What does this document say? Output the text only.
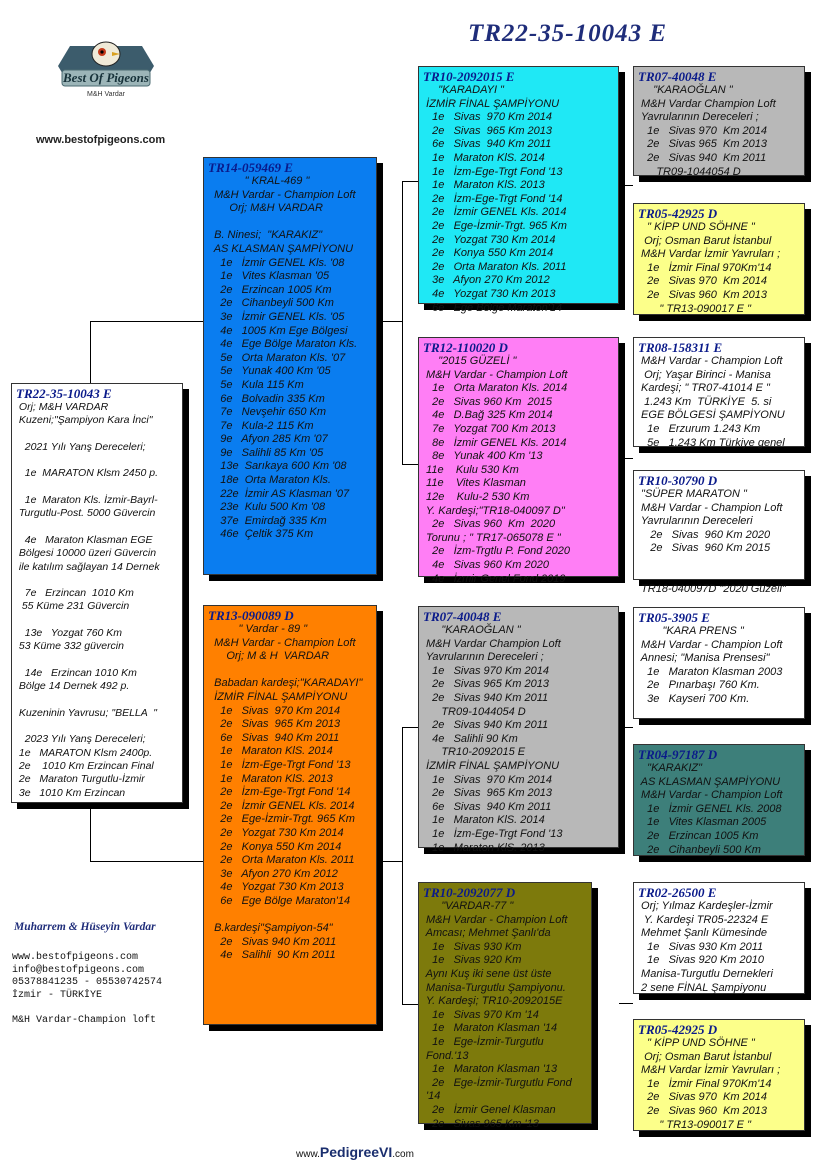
TR22-35-10043 E
Best Of Pigeons
M&H Vardar
www.bestofpigeons.com
TR22-35-10043 E
Orj; M&H VARDAR
Kuzeni;"Şampiyon Kara İnci"

2021 Yılı Yanş Dereceleri;

1e  MARATON Klsm 2450 p.

1e  Maraton Kls. İzmir-Bayrl-
Turgutlu-Post. 5000 Güvercin

4e   Maraton Klasman EGE
Bölgesi 10000 üzeri Güvercin
ile katılım sağlayan 14 Dernek

7e   Erzincan  1010 Km
55 Küme 231 Güvercin

13e   Yozgat 760 Km
53 Küme 332 güvercin

14e   Erzincan 1010 Km
Bölge 14 Dernek 492 p.

Kuzeninin Yavrusu; "BELLA  "

2023 Yılı Yanş Dereceleri;
1e   MARATON Klsm 2400p.
2e    1010 Km Erzincan Final
2e   Maraton Turgutlu-İzmir
3e   1010 Km Erzincan
TR14-059469 E
" KRAL-469 "
M&H Vardar - Champion Loft
Orj; M&H VARDAR

B. Ninesi;  "KARAKIZ"
AS KLASMAN ŞAMPİYONU
1e   İzmir GENEL Kls. '08
1e   Vites Klasman '05
2e   Erzincan 1005 Km
2e   Cihanbeyli 500 Km
3e   İzmir GENEL Kls. '05
4e   1005 Km Ege Bölgesi
4e   Ege Bölge Maraton Kls.
5e   Orta Maraton Kls. '07
5e   Yunak 400 Km '05
5e   Kula 115 Km
6e   Bolvadin 335 Km
7e   Nevşehir 650 Km
7e   Kula-2 115 Km
9e   Afyon 285 Km '07
9e   Salihli 85 Km '05
13e  Sarıkaya 600 Km '08
18e  Orta Maraton Kls.
22e  İzmir AS Klasman '07
23e  Kulu 500 Km '08
37e  Emirdağ 335 Km
46e  Çeltik 375 Km
TR13-090089 D
" Vardar - 89 "
M&H Vardar - Champion Loft
Orj; M & H  VARDAR

Babadan kardeşi;"KARADAYI"
İZMİR FİNAL ŞAMPİYONU
1e   Sivas  970 Km 2014
2e   Sivas  965 Km 2013
6e   Sivas  940 Km 2011
1e   Maraton KlS. 2014
1e   İzm-Ege-Trgt Fond '13
1e   Maraton KlS. 2013
2e   İzm-Ege-Trgt Fond '14
2e   İzmir GENEL Kls. 2014
2e   Ege-İzmir-Trgt. 965 Km
2e   Yozgat 730 Km 2014
2e   Konya 550 Km 2014
2e   Orta Maraton Kls. 2011
3e   Afyon 270 Km 2012
4e   Yozgat 730 Km 2013
6e   Ege Bölge Maraton'14

B.kardeşi"Şampiyon-54"
2e   Sivas 940 Km 2011
4e   Salihli  90 Km 2011
TR10-2092015 E
"KARADAYI "
İZMİR FİNAL ŞAMPİYONU
1e   Sivas  970 Km 2014
2e   Sivas  965 Km 2013
6e   Sivas  940 Km 2011
1e   Maraton KlS. 2014
1e   İzm-Ege-Trgt Fond '13
1e   Maraton KlS. 2013
2e   İzm-Ege-Trgt Fond '14
2e   İzmir GENEL Kls. 2014
2e   Ege-İzmir-Trgt. 965 Km
2e   Yozgat 730 Km 2014
2e   Konya 550 Km 2014
2e   Orta Maraton Kls. 2011
3e   Afyon 270 Km 2012
4e   Yozgat 730 Km 2013
6e   Ege Bölge Maraton'14
TR12-110020 D
"2015 GÜZELİ "
M&H Vardar - Champion Loft
1e   Orta Maraton Kls. 2014
2e   Sivas 960 Km  2015
4e   D.Bağ 325 Km 2014
7e   Yozgat 700 Km 2013
8e   İzmir GENEL Kls. 2014
8e   Yunak 400 Km '13
11e    Kulu 530 Km
11e    Vites Klasman
12e    Kulu-2 530 Km
Y. Kardeşi;"TR18-040097 D"
2e   Sivas 960  Km  2020
Torunu ; " TR17-065078 E "
2e   İzm-Trgtlu P. Fond 2020
4e   Sivas 960 Km 2020
4e   İzmir Genel Fond 2019
TR07-40048 E
"KARAOĞLAN "
M&H Vardar Champion Loft
Yavrularının Dereceleri ;
1e   Sivas 970 Km 2014
2e   Sivas 965 Km 2013
2e   Sivas 940 Km 2011
TR09-1044054 D
2e   Sivas 940 Km 2011
4e   Salihli 90 Km
TR10-2092015 E
İZMİR FİNAL ŞAMPİYONU
1e   Sivas  970 Km 2014
2e   Sivas  965 Km 2013
6e   Sivas  940 Km 2011
1e   Maraton KlS. 2014
1e   İzm-Ege-Trgt Fond '13
1e   Maraton KlS. 2013
TR10-2092077 D
"VARDAR-77 "
M&H Vardar - Champion Loft
Amcası; Mehmet Şanlı'da
1e   Sivas 930 Km
1e   Sivas 920 Km
Aynı Kuş iki sene üst üste
Manisa-Turgutlu Şampiyonu.
Y. Kardeşi; TR10-2092015E
1e   Sivas 970 Km '14
1e   Maraton Klasman '14
1e   Ege-İzmir-Turgutlu
Fond.'13
1e   Maraton Klasman '13
2e   Ege-İzmir-Turgutlu Fond
'14
2e   İzmir Genel Klasman
2e   Sivas 965 Km '13
TR07-40048 E
"KARAOĞLAN "
M&H Vardar Champion Loft
Yavrularının Dereceleri ;
1e   Sivas 970  Km 2014
2e   Sivas 965  Km 2013
2e   Sivas 940  Km 2011
TR09-1044054 D
TR05-42925 D
" KİPP UND SÖHNE "
Orj; Osman Barut İstanbul
M&H Vardar İzmir Yavruları ;
1e   İzmir Final 970Km'14
2e   Sivas 970  Km 2014
2e   Sivas 960  Km 2013
" TR13-090017 E "
TR08-158311 E
M&H Vardar - Champion Loft
Orj; Yaşar Birinci - Manisa
Kardeşi; " TR07-41014 E "
1.243 Km  TÜRKİYE  5. si
EGE BÖLGESİ ŞAMPİYONU
1e   Erzurum 1.243 Km
5e   1.243 Km Türkiye genel
TR10-30790 D
"SÜPER MARATON "
M&H Vardar - Champion Loft
Yavrularının Dereceleri
2e   Sivas  960 Km 2020
2e   Sivas  960 Km 2015

TR18-040097D "2020 Güzeli"
TR05-3905 E
"KARA PRENS "
M&H Vardar - Champion Loft
Annesi; "Manisa Prensesi"
1e   Maraton Klasman 2003
2e   Pınarbaşı 760 Km.
3e   Kayseri 700 Km.
TR04-97187 D
"KARAKIZ"
AS KLASMAN ŞAMPİYONU
M&H Vardar - Champion Loft
1e   İzmir GENEL Kls. 2008
1e   Vites Klasman 2005
2e   Erzincan 1005 Km
2e   Cihanbeyli 500 Km
TR02-26500 E
Orj; Yılmaz Kardeşler-İzmir
Y. Kardeşi TR05-22324 E
Mehmet Şanlı Kümesinde
1e   Sivas 930 Km 2011
1e   Sivas 920 Km 2010
Manisa-Turgutlu Dernekleri
2 sene FİNAL Şampiyonu
TR05-42925 D
" KİPP UND SÖHNE "
Orj; Osman Barut İstanbul
M&H Vardar İzmir Yavruları ;
1e   İzmir Final 970Km'14
2e   Sivas 970  Km 2014
2e   Sivas 960  Km 2013
" TR13-090017 E "
Muharrem & Hüseyin Vardar
www.bestofpigeons.com
info@bestofpigeons.com
05378841235 - 05530742574
İzmir - TÜRKİYE
M&H Vardar-Champion loft
www.PedigreeVI.com
